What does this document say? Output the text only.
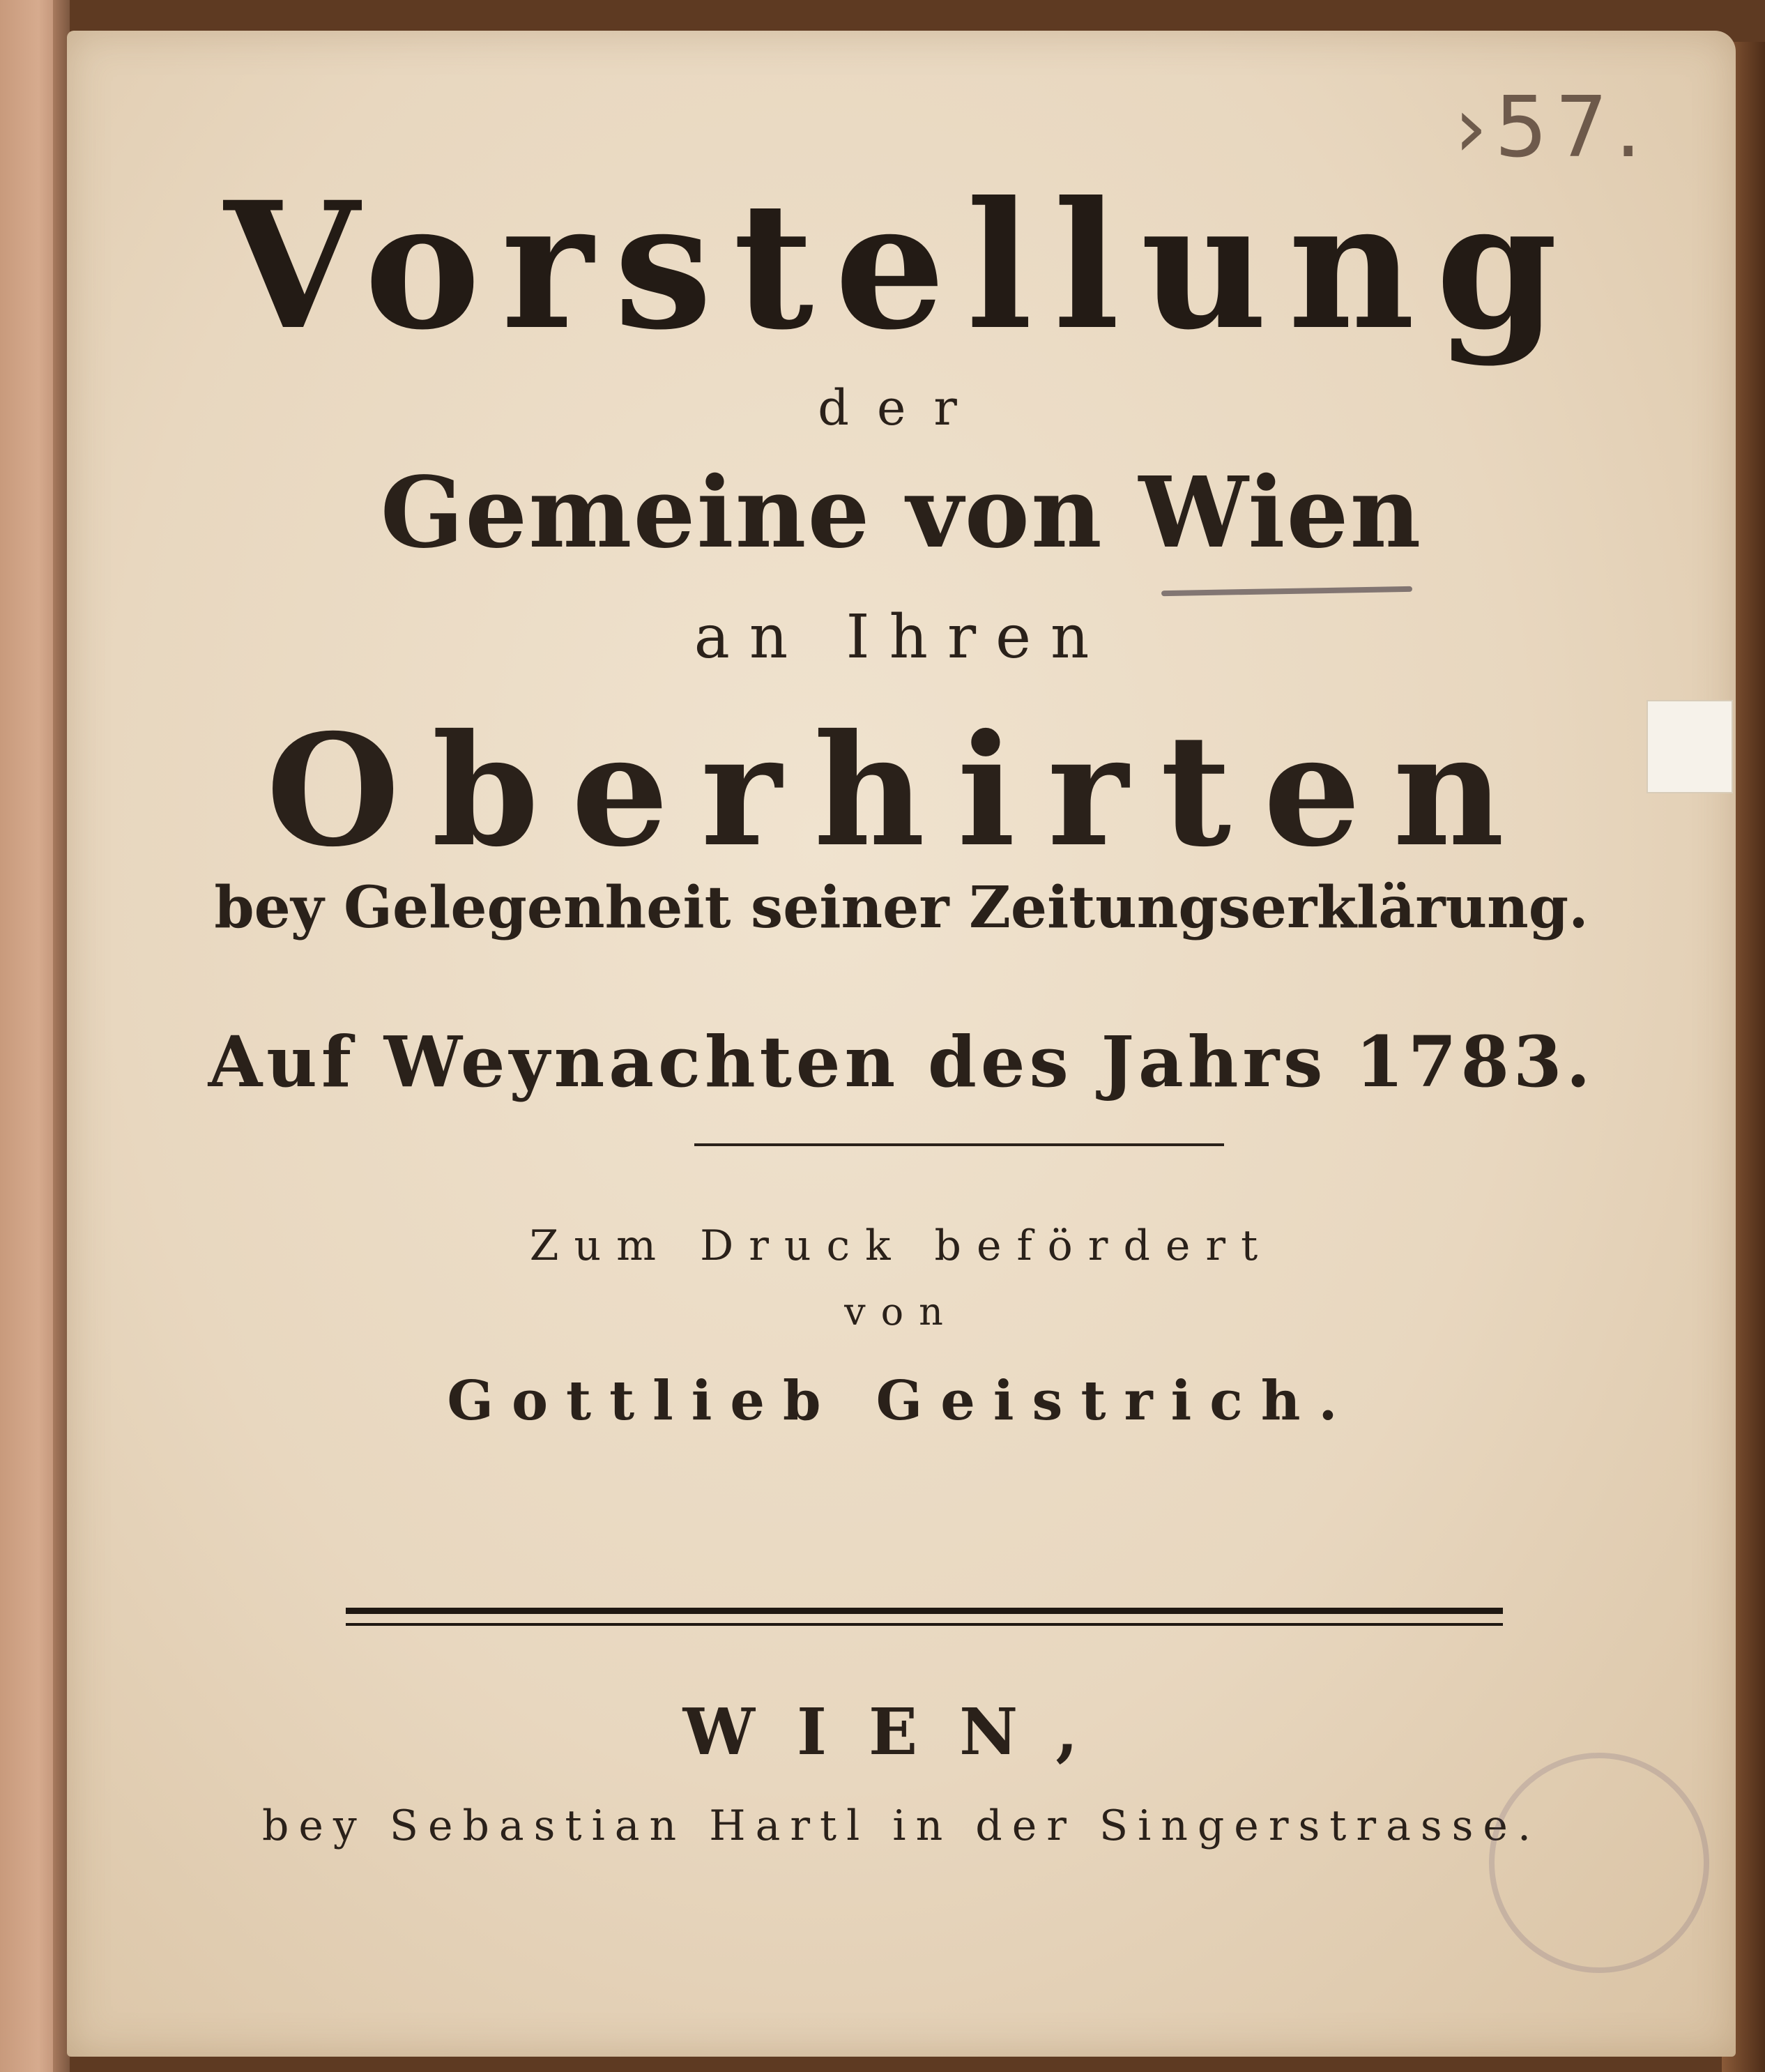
›57.
Vorstellung
der
Gemeine von Wien
an Ihren
Oberhirten
bey Gelegenheit seiner Zeitungserklärung.
Auf Weynachten des Jahrs 1783.
Zum Druck befördert
von
Gottlieb Geistrich.
WIEN,
bey Sebastian Hartl in der Singerstrasse.
